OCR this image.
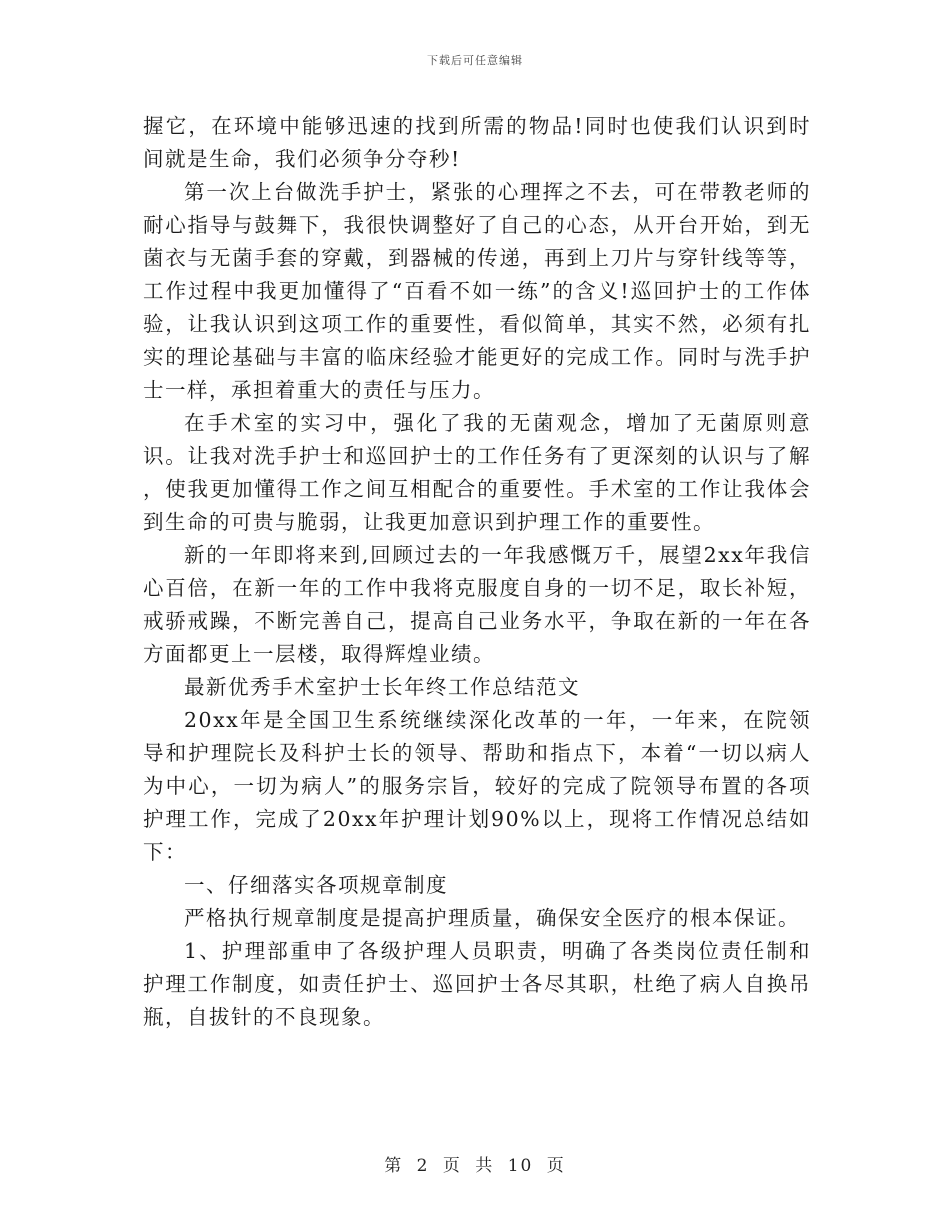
下载后可任意编辑

握它，在环境中能够迅速的找到所需的物品!同时也使我们认识到时间就是生命，我们必须争分夺秒!

第一次上台做洗手护士，紧张的心理挥之不去，可在带教老师的耐心指导与鼓舞下，我很快调整好了自己的心态，从开台开始，到无菌衣与无菌手套的穿戴，到器械的传递，再到上刀片与穿针线等等，工作过程中我更加懂得了“百看不如一练”的含义!巡回护士的工作体验，让我认识到这项工作的重要性，看似简单，其实不然，必须有扎实的理论基础与丰富的临床经验才能更好的完成工作。同时与洗手护士一样，承担着重大的责任与压力。

在手术室的实习中，强化了我的无菌观念，增加了无菌原则意识。让我对洗手护士和巡回护士的工作任务有了更深刻的认识与了解 ，使我更加懂得工作之间互相配合的重要性。手术室的工作让我体会到生命的可贵与脆弱，让我更加意识到护理工作的重要性。

新的一年即将来到,回顾过去的一年我感慨万千，展望2xx年我信心百倍，在新一年的工作中我将克服度自身的一切不足，取长补短，戒骄戒躁，不断完善自己，提高自己业务水平，争取在新的一年在各方面都更上一层楼，取得辉煌业绩。

最新优秀手术室护士长年终工作总结范文

20xx年是全国卫生系统继续深化改革的一年，一年来，在院领导和护理院长及科护士长的领导、帮助和指点下，本着“一切以病人为中心，一切为病人”的服务宗旨，较好的完成了院领导布置的各项护理工作，完成了20xx年护理计划90%以上，现将工作情况总结如下：

一、仔细落实各项规章制度

严格执行规章制度是提高护理质量，确保安全医疗的根本保证。

1、护理部重申了各级护理人员职责，明确了各类岗位责任制和护理工作制度，如责任护士、巡回护士各尽其职，杜绝了病人自换吊瓶，自拔针的不良现象。

第 2 页 共 10 页
